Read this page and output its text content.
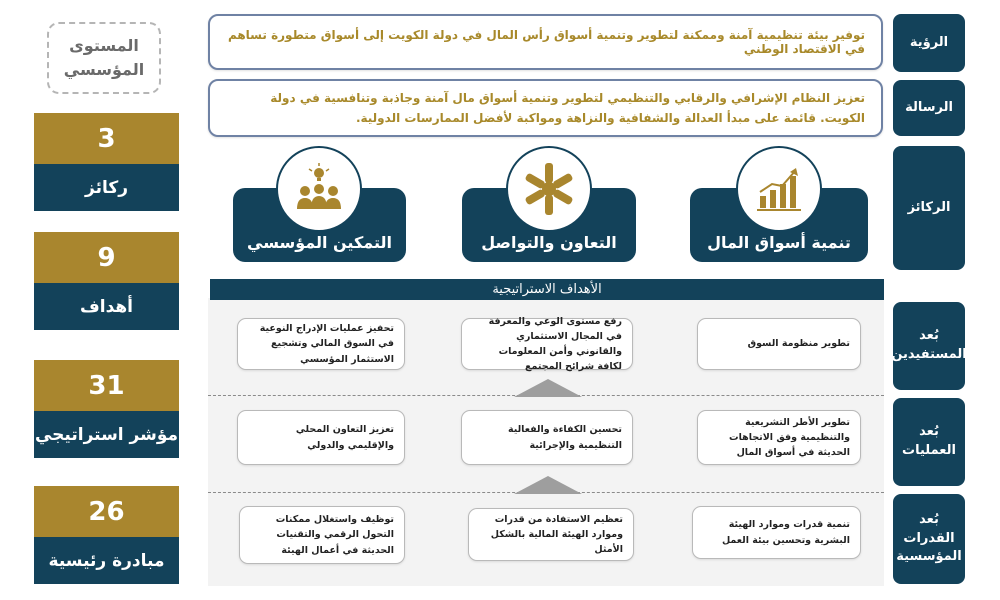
الرؤية
الرسالة
الركائز
بُعد
المستفيدين
بُعد
العمليات
بُعد
القدرات
المؤسسية
توفير بيئة تنظيمية آمنة وممكنة لتطوير وتنمية أسواق رأس المال في دولة الكويت إلى أسواق متطورة تساهم في الاقتصاد الوطني
تعزيز النظام الإشرافي والرقابي والتنظيمي لتطوير وتنمية أسواق مال آمنة وجاذبة وتنافسية في دولة الكويت. قائمة على مبدأ العدالة والشفافية والنزاهة ومواكبة لأفضل الممارسات الدولية.
تنمية أسواق المال
التعاون والتواصل
التمكين المؤسسي
الأهداف الاستراتيجية
تطوير منظومة السوق
رفع مستوى الوعي والمعرفة في المجال الاستثماري والقانوني وأمن المعلومات لكافة شرائح المجتمع
تحفيز عمليات الإدراج النوعية في السوق المالي وتشجيع الاستثمار المؤسسي
تطوير الأطر التشريعية والتنظيمية وفق الاتجاهات الحديثة في أسواق المال
تحسين الكفاءة والفعالية التنظيمية والإجرائية
تعزيز التعاون المحلي والإقليمي والدولي
تنمية قدرات وموارد الهيئة البشرية وتحسين بيئة العمل
تعظيم الاستفادة من قدرات وموارد الهيئة المالية بالشكل الأمثل
توظيف واستغلال ممكنات التحول الرقمي والتقنيات الحديثة في أعمال الهيئة
المستوى
المؤسسي
3
ركائز
9
أهداف
31
مؤشر استراتيجي
26
مبادرة رئيسية
